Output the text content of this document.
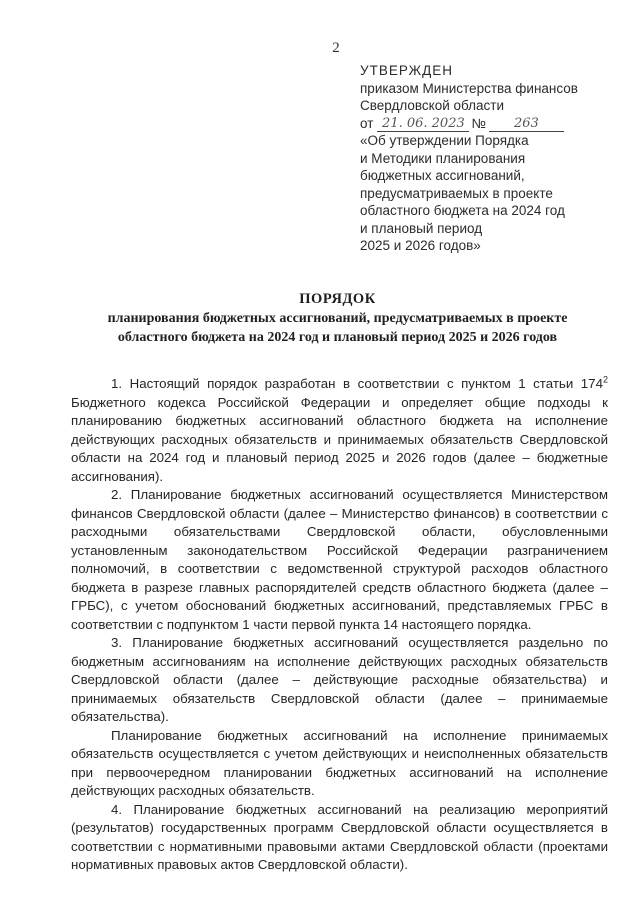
2
УТВЕРЖДЕН
приказом Министерства финансов
Свердловской области
от 21. 06. 2023 № 263
«Об утверждении Порядка
и Методики планирования
бюджетных ассигнований,
предусматриваемых в проекте
областного бюджета на 2024 год
и плановый период
2025 и 2026 годов»
ПОРЯДОК
планирования бюджетных ассигнований, предусматриваемых в проекте
областного бюджета на 2024 год и плановый период 2025 и 2026 годов

1. Настоящий порядок разработан в соответствии с пунктом 1 статьи $174^2$ Бюджетного кодекса Российской Федерации и определяет общие подходы к планированию бюджетных ассигнований областного бюджета на исполнение действующих расходных обязательств и принимаемых обязательств Свердловской области на 2024 год и плановый период 2025 и 2026 годов (далее – бюджетные ассигнования).

2. Планирование бюджетных ассигнований осуществляется Министерством финансов Свердловской области (далее – Министерство финансов) в соответствии с расходными обязательствами Свердловской области, обусловленными установленным законодательством Российской Федерации разграничением полномочий, в соответствии с ведомственной структурой расходов областного бюджета в разрезе главных распорядителей средств областного бюджета (далее – ГРБС), с учетом обоснований бюджетных ассигнований, представляемых ГРБС в соответствии с подпунктом 1 части первой пункта 14 настоящего порядка.

3. Планирование бюджетных ассигнований осуществляется раздельно по бюджетным ассигнованиям на исполнение действующих расходных обязательств Свердловской области (далее – действующие расходные обязательства) и принимаемых обязательств Свердловской области (далее – принимаемые обязательства).

Планирование бюджетных ассигнований на исполнение принимаемых обязательств осуществляется с учетом действующих и неисполненных обязательств при первоочередном планировании бюджетных ассигнований на исполнение действующих расходных обязательств.

4. Планирование бюджетных ассигнований на реализацию мероприятий (результатов) государственных программ Свердловской области осуществляется в соответствии с нормативными правовыми актами Свердловской области (проектами нормативных правовых актов Свердловской области).
